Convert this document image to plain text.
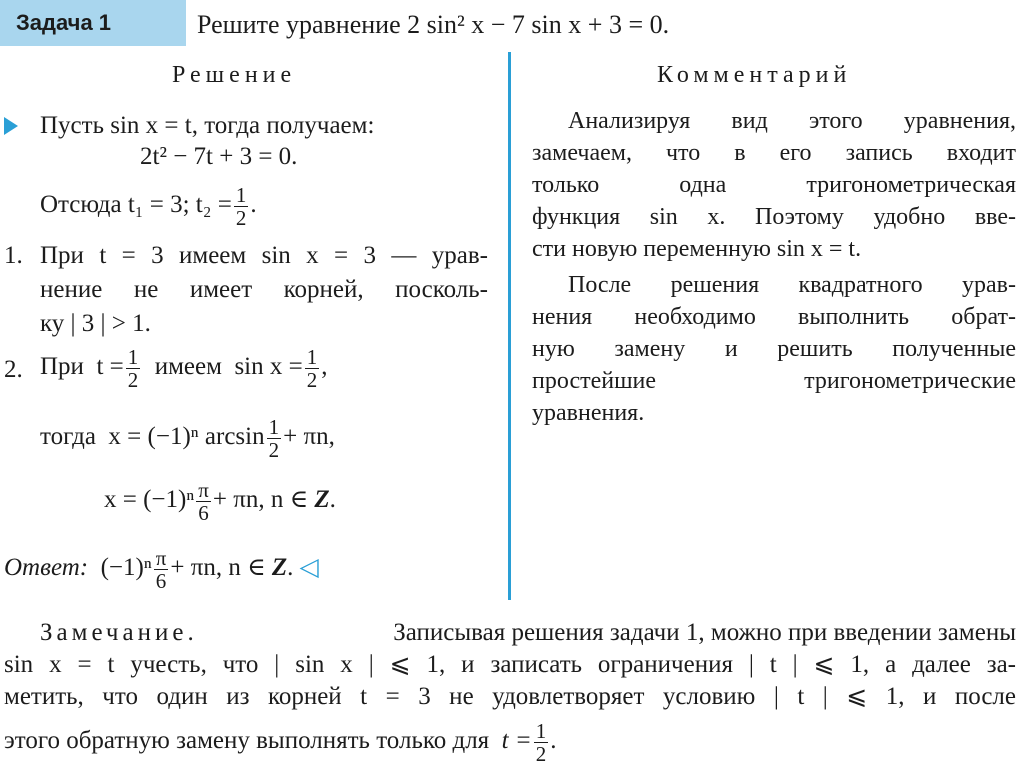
Задача 1	Решите уравнение 2 sin² x − 7 sin x + 3 = 0.
Решение	Комментарий
Пусть sin x = t, тогда получаем:
2t² − 7t + 3 = 0.
Отсюда t₁ = 3; $t_2 = \frac{1}{2}$ .
1. При t = 3 имеем sin x = 3 — урав-
нение не имеет корней, посколь-
ку | 3 | > 1.
2. При $t = \frac{1}{2}$ имеем $\sin x = \frac{1}{2}$ ,
тогда x = (−1)ⁿ $\arcsin \frac{1}{2} + \pi n$,
$x = (-1)^n \frac{\pi}{6} + \pi n$, n ∈ Z.
Ответ: $(-1)^n \frac{\pi}{6} + \pi n$, n ∈ Z. ◁
Анализируя вид этого уравнения,
замечаем, что в его запись входит
только одна тригонометрическая
функция sin x. Поэтому удобно вве-
сти новую переменную sin x = t.
После решения квадратного урав-
нения необходимо выполнить обрат-
ную замену и решить полученные
простейшие тригонометрические
уравнения.
Замечание.	Записывая решения задачи 1, можно при введении замены
sin x = t учесть, что | sin x | ⩽ 1, и записать ограничения | t | ⩽ 1, а далее за-
метить, что один из корней t = 3 не удовлетворяет условию | t | ⩽ 1, и после
этого обратную замену выполнять только для $t = \frac{1}{2}$ .
